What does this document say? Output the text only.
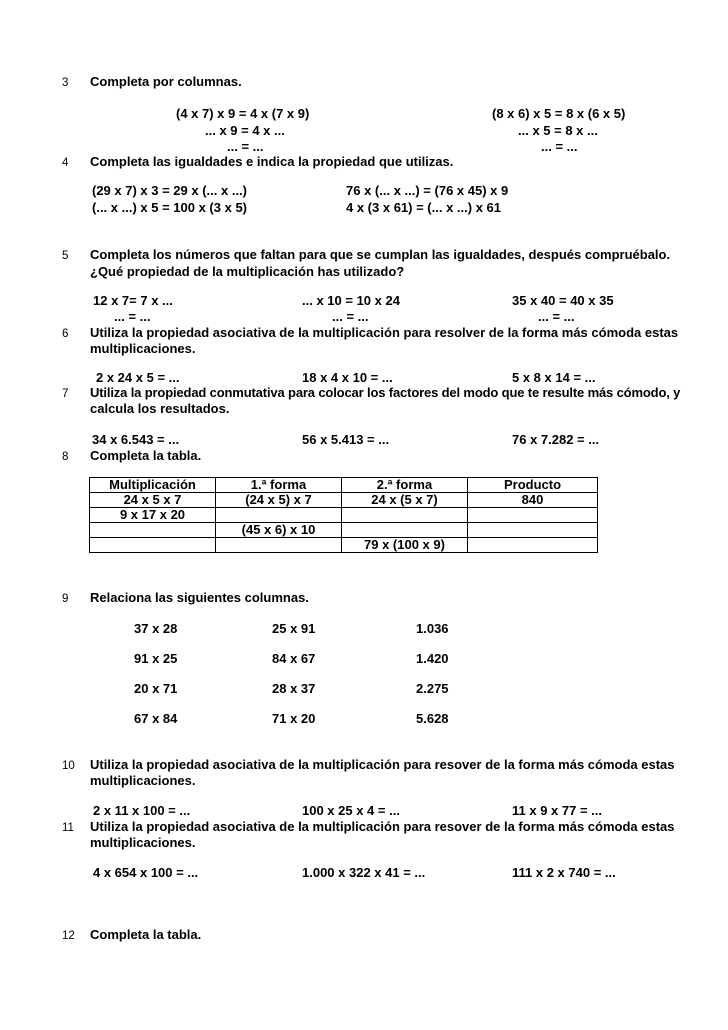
3 Completa por columnas.
(4 x 7) x 9 = 4 x (7 x 9)
... x 9 = 4 x ...
... = ...
(8 x 6) x 5 = 8 x (6 x 5)
... x 5 = 8 x ...
... = ...
4 Completa las igualdades e indica la propiedad que utilizas.
(29 x 7) x 3 = 29 x (... x ...)	76 x (... x ...) = (76 x 45) x 9
(... x ...) x 5 = 100 x (3 x 5)	4 x (3 x 61) = (... x ...) x 61
5 Completa los números que faltan para que se cumplan las igualdades, después compruébalo.
¿Qué propiedad de la multiplicación has utilizado?
12 x 7= 7 x ...	... x 10 = 10 x 24	35 x 40 = 40 x 35
... = ...	... = ...	... = ...
6 Utiliza la propiedad asociativa de la multiplicación para resolver de la forma más cómoda estas
multiplicaciones.
2 x 24 x 5 = ...	18 x 4 x 10 = ...	5 x 8 x 14 = ...
7 Utiliza la propiedad conmutativa para colocar los factores del modo que te resulte más cómodo, y
calcula los resultados.
34 x 6.543 = ...	56 x 5.413 = ...	76 x 7.282 = ...
8 Completa la tabla.
Multiplicación	1.ª forma	2.ª forma	Producto
24 x 5 x 7	(24 x 5) x 7	24 x (5 x 7)	840
9 x 17 x 20			
	(45 x 6) x 10		
		79 x (100 x 9)	
9 Relaciona las siguientes columnas.
37 x 28	25 x 91	1.036
91 x 25	84 x 67	1.420
20 x 71	28 x 37	2.275
67 x 84	71 x 20	5.628
10 Utiliza la propiedad asociativa de la multiplicación para resover de la forma más cómoda estas
multiplicaciones.
2 x 11 x 100 = ...	100 x 25 x 4 = ...	11 x 9 x 77 = ...
11 Utiliza la propiedad asociativa de la multiplicación para resover de la forma más cómoda estas
multiplicaciones.
4 x 654 x 100 = ...	1.000 x 322 x 41 = ...	111 x 2 x 740 = ...
12 Completa la tabla.
